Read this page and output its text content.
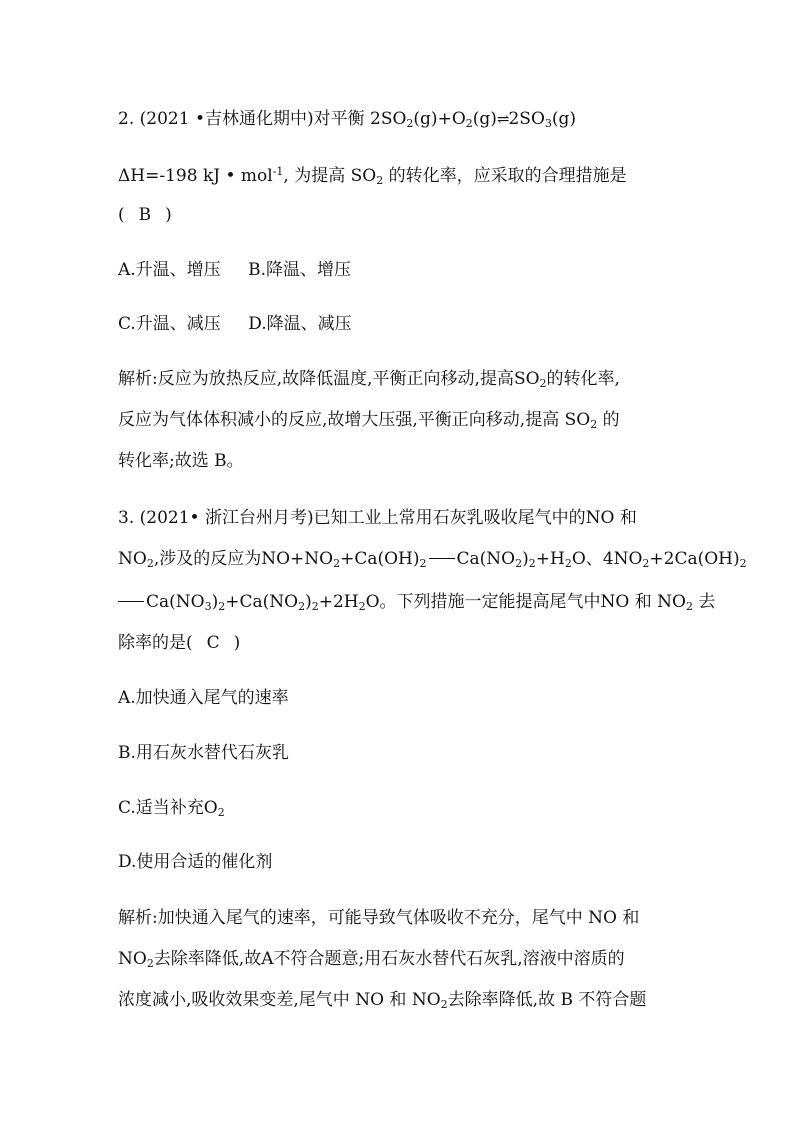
2. (2021 •吉林通化期中)对平衡 $2SO_2(g)+O_2(g)\rightleftharpoons 2SO_3(g)$
ΔH=-198 kJ • mol$^{-1}$, 为提高 $SO_2$ 的转化率，应采取的合理措施是
( B )
A.升温、增压 B.降温、增压
C.升温、减压 D.降温、减压
解析:反应为放热反应,故降低温度,平衡正向移动,提高$SO_2$的转化率,
反应为气体体积减小的反应,故增大压强,平衡正向移动,提高 $SO_2$ 的
转化率;故选 B。
3. (2021• 浙江台州月考)已知工业上常用石灰乳吸收尾气中的NO 和
$NO_2$,涉及的反应为$NO+NO_2+Ca(OH)_2$ $Ca(NO_2)_2+H_2O$、$4NO_2+2Ca(OH)_2$
$Ca(NO_3)_2+Ca(NO_2)_2+2H_2O$。下列措施一定能提高尾气中NO 和 $NO_2$ 去
除率的是( C )
A.加快通入尾气的速率
B.用石灰水替代石灰乳
C.适当补充$O_2$
D.使用合适的催化剂
解析:加快通入尾气的速率，可能导致气体吸收不充分，尾气中 NO 和
$NO_2$去除率降低,故A不符合题意;用石灰水替代石灰乳,溶液中溶质的
浓度减小,吸收效果变差,尾气中 NO 和 $NO_2$去除率降低,故 B 不符合题
